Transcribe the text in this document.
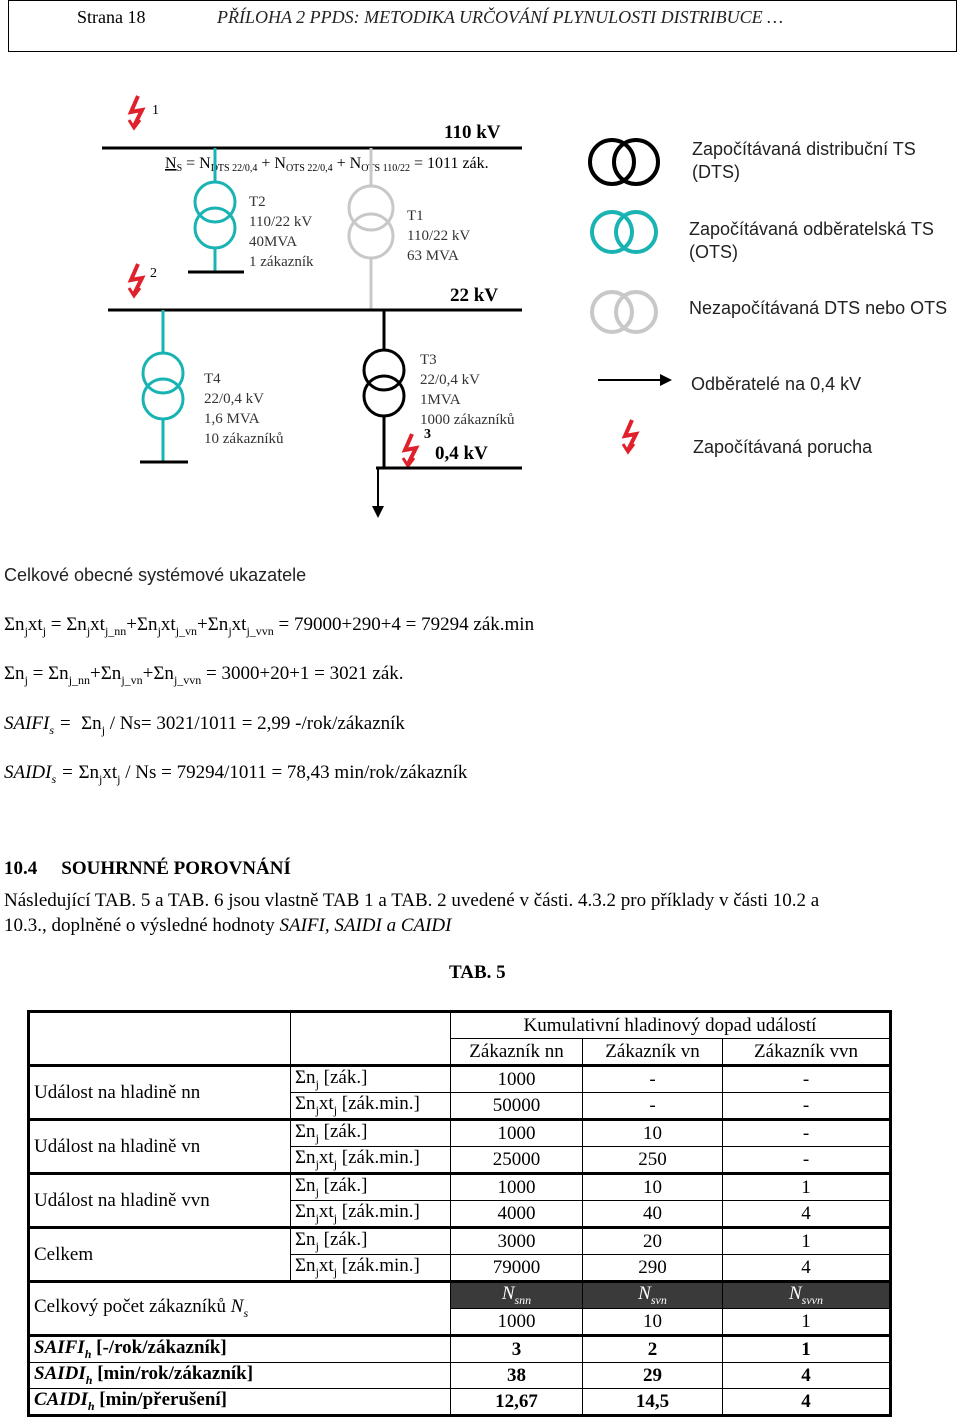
Strana 18	PŘÍLOHA 2 PPDS: METODIKA URČOVÁNÍ PLYNULOSTI DISTRIBUCE …
1
2
3
110 kV
NS = NDTS 22/0,4 + NOTS 22/0,4 + NOTS 110/22 = 1011 zák.
T2 110/22 kV 40MVA 1 zákazník
T1 110/22 kV 63 MVA
22 kV
T4 22/0,4 kV 1,6 MVA 10 zákazníků
T3 22/0,4 kV 1MVA 1000 zákazníků
0,4 kV
Započítávaná distribuční TS (DTS)
Započítávaná odběratelská TS (OTS)
Nezapočítávaná DTS nebo OTS
Odběratelé na 0,4 kV
Započítávaná porucha
Celkové obecné systémové ukazatele
$\Sigma n_jxt_j = \Sigma n_jxt_{j\_nn}+\Sigma n_jxt_{j\_vn}+\Sigma n_jxt_{j\_vvn} = 79000+290+4 = 79294$ zák.min
$\Sigma n_j = \Sigma n_{j\_nn}+\Sigma n_{j\_vn}+\Sigma n_{j\_vvn} = 3000+20+1 = 3021$ zák.
$SAIFI_s = \Sigma n_j / Ns= 3021/1011 = 2,99$ -/rok/zákazník
$SAIDI_s = \Sigma n_jxt_j / Ns = 79294/1011 = 78,43$ min/rok/zákazník
10.4 SOUHRNNÉ POROVNÁNÍ
Následující TAB. 5 a TAB. 6 jsou vlastně TAB 1 a TAB. 2 uvedené v části. 4.3.2 pro příklady v části 10.2 a
10.3., doplněné o výsledné hodnoty SAIFI, SAIDI a CAIDI
TAB. 5
		Kumulativní hladinový dopad událostí		
		Zákazník nn	Zákazník vn	Zákazník vvn
Událost na hladině nn	$\Sigma n_j$ [zák.]	1000	-	-
	$\Sigma n_jxt_j$ [zák.min.]	50000	-	-
Událost na hladině vn	$\Sigma n_j$ [zák.]	1000	10	-
	$\Sigma n_jxt_j$ [zák.min.]	25000	250	-
Událost na hladině vvn	$\Sigma n_j$ [zák.]	1000	10	1
	$\Sigma n_jxt_j$ [zák.min.]	4000	40	4
Celkem	$\Sigma n_j$ [zák.]	3000	20	1
	$\Sigma n_jxt_j$ [zák.min.]	79000	290	4
Celkový počet zákazníků $N_s$		$N_{snn}$	$N_{svn}$	$N_{svvn}$
		1000	10	1
$SAIFI_h$ [-/rok/zákazník]		3	2	1
$SAIDI_h$ [min/rok/zákazník]		38	29	4
$CAIDI_h$ [min/přerušení]		12,67	14,5	4
